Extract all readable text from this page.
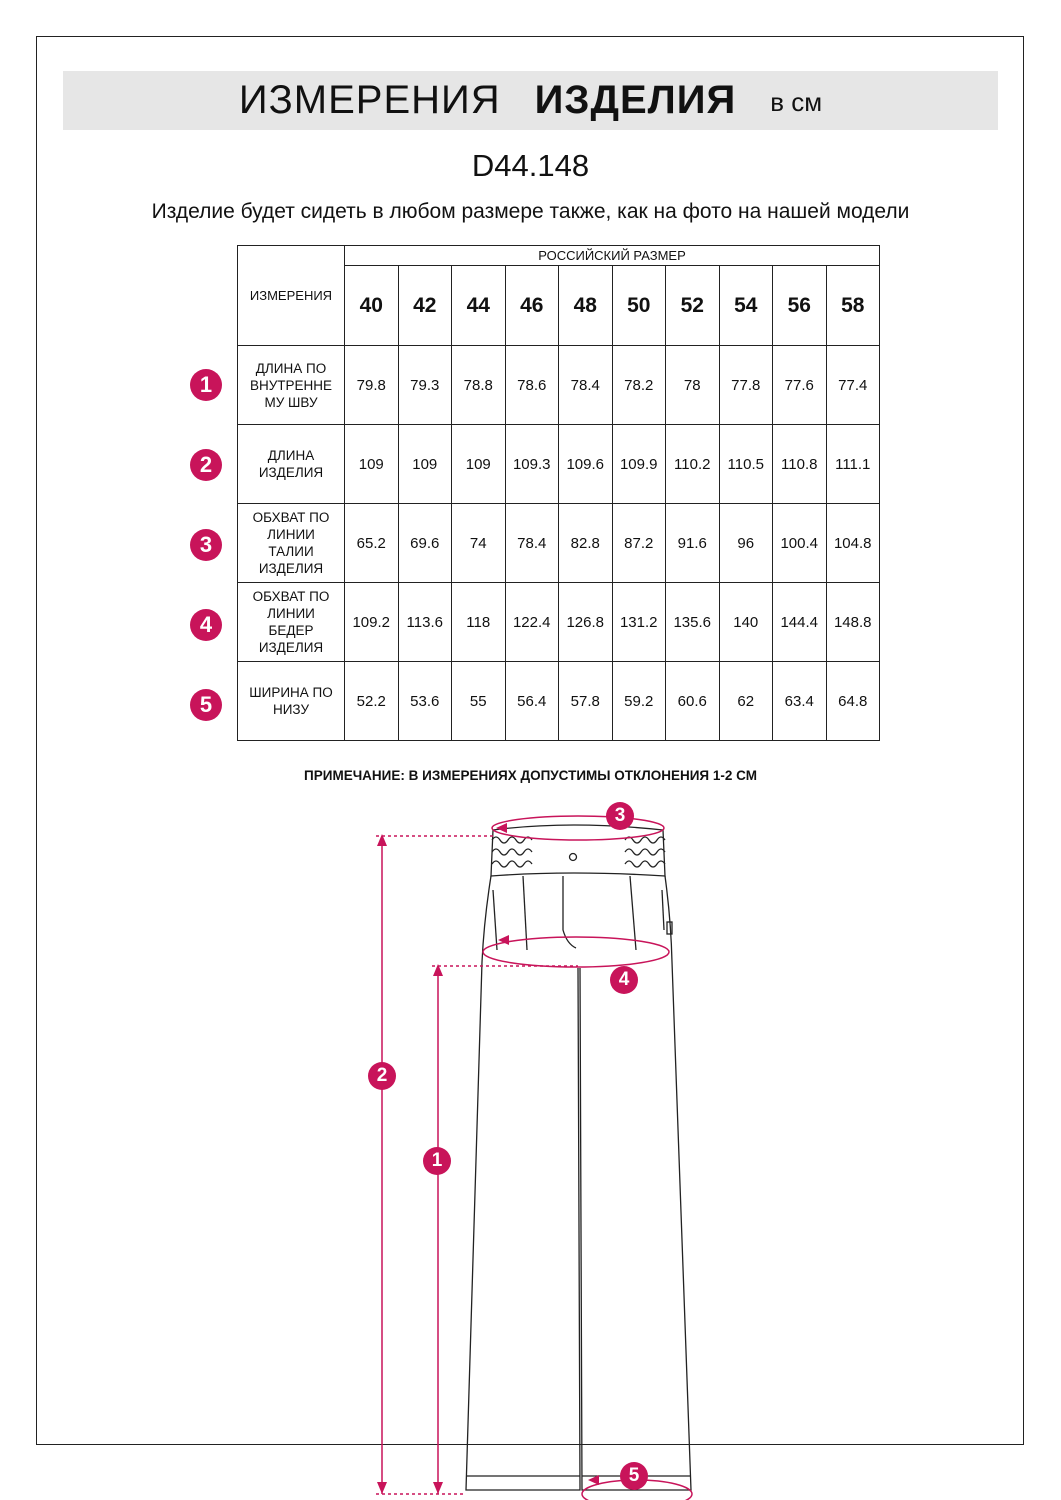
ИЗМЕРЕНИЯ ИЗДЕЛИЯ в см
D44.148
Изделие будет сидеть в любом размере также, как на фото на нашей модели
ИЗМЕРЕНИЯ	РОССИЙСКИЙ РАЗМЕР									
	40	42	44	46	48	50	52	54	56	58

ДЛИНА ПО
ВНУТРЕННЕ
МУ ШВУ	79.8	79.3	78.8	78.6	78.4	78.2	78	77.8	77.6	77.4

ДЛИНА
ИЗДЕЛИЯ	109	109	109	109.3	109.6	109.9	110.2	110.5	110.8	111.1

ОБХВАТ ПО
ЛИНИИ
ТАЛИИ
ИЗДЕЛИЯ	65.2	69.6	74	78.4	82.8	87.2	91.6	96	100.4	104.8

ОБХВАТ ПО
ЛИНИИ
БЕДЕР
ИЗДЕЛИЯ	109.2	113.6	118	122.4	126.8	131.2	135.6	140	144.4	148.8

ШИРИНА ПО
НИЗУ	52.2	53.6	55	56.4	57.8	59.2	60.6	62	63.4	64.8
1
2
3
4
5
ПРИМЕЧАНИЕ: В ИЗМЕРЕНИЯХ ДОПУСТИМЫ ОТКЛОНЕНИЯ 1-2 СМ
3
4
2
1
5
